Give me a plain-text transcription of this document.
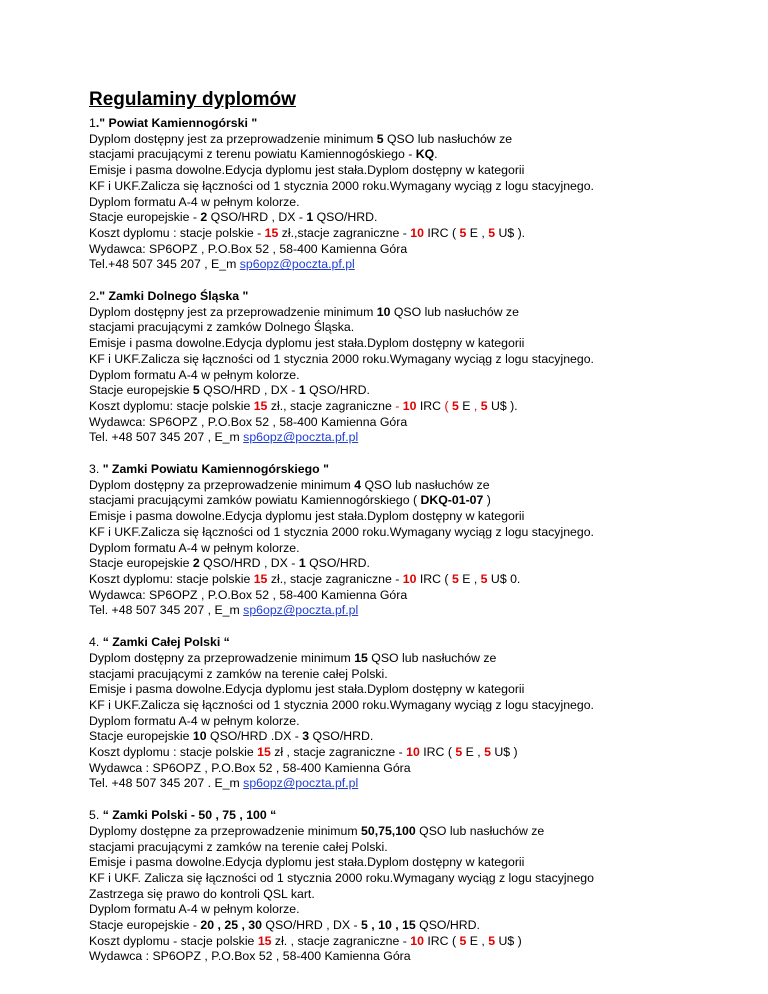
Regulaminy dyplomów
1." Powiat Kamiennogórski "
Dyplom dostępny jest za przeprowadzenie minimum 5 QSO lub nasłuchów ze
stacjami pracującymi z terenu powiatu Kamiennogóskiego - KQ.
Emisje i pasma dowolne.Edycja dyplomu jest stała.Dyplom dostępny w kategorii
KF i UKF.Zalicza się łączności od 1 stycznia 2000 roku.Wymagany wyciąg z logu stacyjnego.
Dyplom formatu A-4 w pełnym kolorze.
Stacje europejskie - 2 QSO/HRD , DX - 1 QSO/HRD.
Koszt dyplomu : stacje polskie - 15 zł.,stacje zagraniczne - 10 IRC ( 5 E , 5 U$ ).
Wydawca: SP6OPZ , P.O.Box 52 , 58-400 Kamienna Góra
Tel.+48 507 345 207 , E_m sp6opz@poczta.pf.pl
2." Zamki Dolnego Śląska "
Dyplom dostępny jest za przeprowadzenie minimum 10 QSO lub nasłuchów ze
stacjami pracującymi z zamków Dolnego Śląska.
Emisje i pasma dowolne.Edycja dyplomu jest stała.Dyplom dostępny w kategorii
KF i UKF.Zalicza się łączności od 1 stycznia 2000 roku.Wymagany wyciąg z logu stacyjnego.
Dyplom formatu A-4 w pełnym kolorze.
Stacje europejskie 5 QSO/HRD , DX - 1 QSO/HRD.
Koszt dyplomu: stacje polskie 15 zł., stacje zagraniczne - 10 IRC ( 5 E , 5 U$ ).
Wydawca: SP6OPZ , P.O.Box 52 , 58-400 Kamienna Góra
Tel. +48 507 345 207 , E_m sp6opz@poczta.pf.pl
3. " Zamki Powiatu Kamiennogórskiego "
Dyplom dostępny za przeprowadzenie minimum 4 QSO lub nasłuchów ze
stacjami pracującymi zamków powiatu Kamiennogórskiego ( DKQ-01-07 )
Emisje i pasma dowolne.Edycja dyplomu jest stała.Dyplom dostępny w kategorii
KF i UKF.Zalicza się łączności od 1 stycznia 2000 roku.Wymagany wyciąg z logu stacyjnego.
Dyplom formatu A-4 w pełnym kolorze.
Stacje europejskie 2 QSO/HRD , DX - 1 QSO/HRD.
Koszt dyplomu: stacje polskie 15 zł., stacje zagraniczne - 10 IRC ( 5 E , 5 U$ 0.
Wydawca: SP6OPZ , P.O.Box 52 , 58-400 Kamienna Góra
Tel. +48 507 345 207 , E_m sp6opz@poczta.pf.pl
4. “ Zamki Całej Polski “
Dyplom dostępny za przeprowadzenie minimum 15 QSO lub nasłuchów ze
stacjami pracującymi z zamków na terenie całej Polski.
Emisje i pasma dowolne.Edycja dyplomu jest stała.Dyplom dostępny w kategorii
KF i UKF.Zalicza się łączności od 1 stycznia 2000 roku.Wymagany wyciąg z logu stacyjnego.
Dyplom formatu A-4 w pełnym kolorze.
Stacje europejskie 10 QSO/HRD .DX - 3 QSO/HRD.
Koszt dyplomu : stacje polskie 15 zł , stacje zagraniczne - 10 IRC ( 5 E , 5 U$ )
Wydawca : SP6OPZ , P.O.Box 52 , 58-400 Kamienna Góra
Tel. +48 507 345 207 . E_m sp6opz@poczta.pf.pl
5. “ Zamki Polski - 50 , 75 , 100 “
Dyplomy dostępne za przeprowadzenie minimum 50,75,100 QSO lub nasłuchów ze
stacjami pracującymi z zamków na terenie całej Polski.
Emisje i pasma dowolne.Edycja dyplomu jest stała.Dyplom dostępny w kategorii
KF i UKF. Zalicza się łączności od 1 stycznia 2000 roku.Wymagany wyciąg z logu stacyjnego
Zastrzega się prawo do kontroli QSL kart.
Dyplom formatu A-4 w pełnym kolorze.
Stacje europejskie - 20 , 25 , 30 QSO/HRD , DX - 5 , 10 , 15 QSO/HRD.
Koszt dyplomu - stacje polskie 15 zł. , stacje zagraniczne - 10 IRC ( 5 E , 5 U$ )
Wydawca : SP6OPZ , P.O.Box 52 , 58-400 Kamienna Góra
